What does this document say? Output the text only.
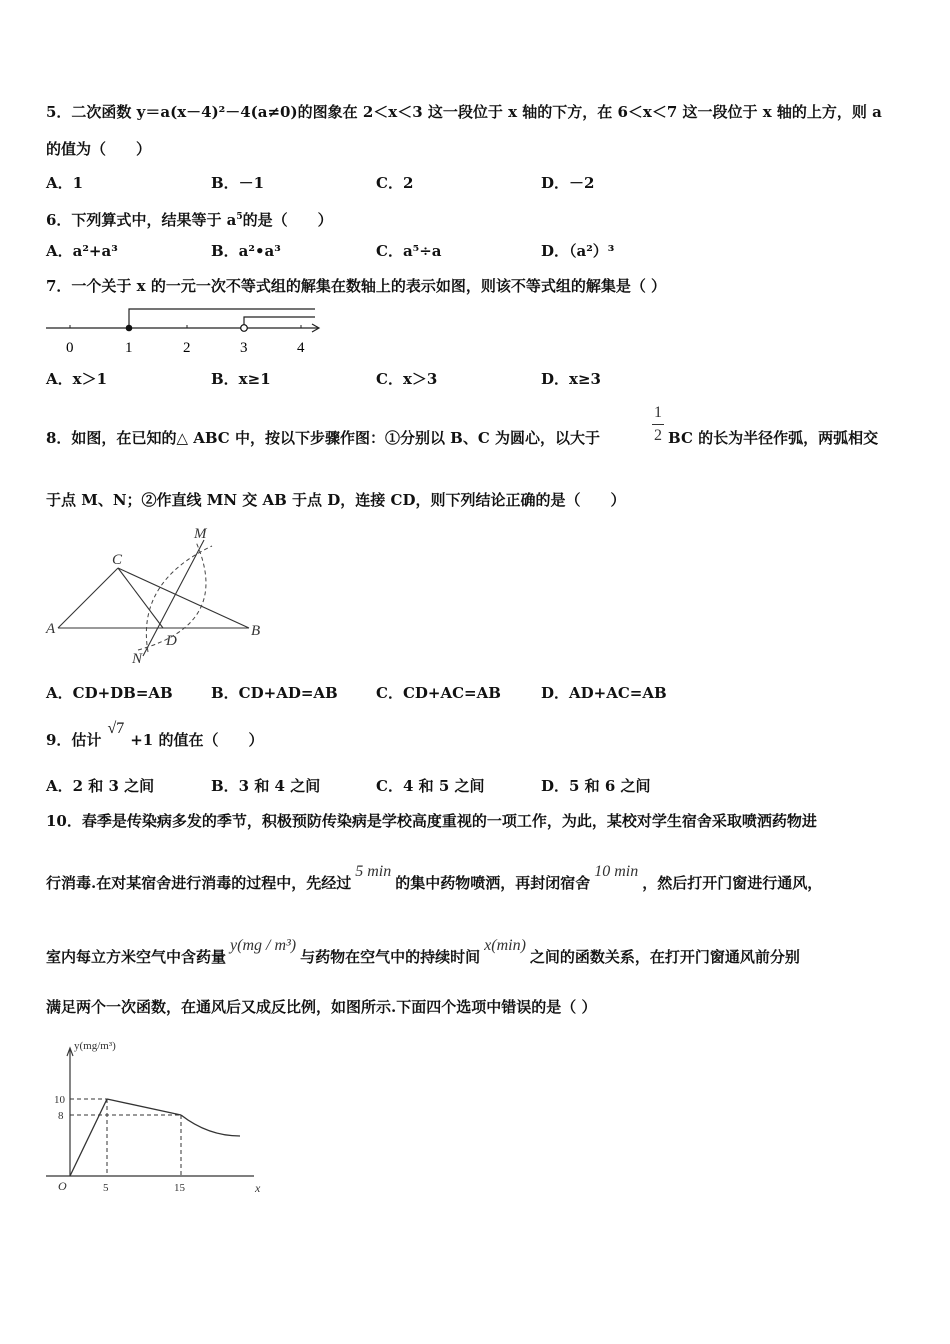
5．二次函数 y＝a(x－4)²－4(a≠0)的图象在 2＜x＜3 这一段位于 x 轴的下方，在 6＜x＜7 这一段位于 x 轴的上方，则 a
的值为（　　）
A．1	B．－1	C．2	D．－2
6．下列算式中，结果等于 $a^5$的是（　　）
A．a²+a³	B．a²•a³	C．a⁵÷a	D．（a²）³
7．一个关于 x 的一元一次不等式组的解集在数轴上的表示如图，则该不等式组的解集是（ ）
0	1	2	3	4
A．x＞1	B．x≥1	C．x＞3	D．x≥3
8．如图，在已知的△ ABC 中，按以下步骤作图：①分别以 B、C 为圆心，以大于
1
2 BC 的长为半径作弧，两弧相交
于点 M、N；②作直线 MN 交 AB 于点 D，连接 CD，则下列结论正确的是（　　）
C
A	B
D
M
N
A．CD+DB=AB	B．CD+AD=AB	C．CD+AC=AB	D．AD+AC=AB
9．估计√7+1 的值在（　　）
A．2 和 3 之间	B．3 和 4 之间	C．4 和 5 之间	D．5 和 6 之间
10．春季是传染病多发的季节，积极预防传染病是学校高度重视的一项工作，为此，某校对学生宿舍采取喷洒药物进
行消毒.在对某宿舍进行消毒的过程中，先经过5 min的集中药物喷洒，再封闭宿舍10 min，然后打开门窗进行通风，
室内每立方米空气中含药量y(mg / m³)与药物在空气中的持续时间x(min)之间的函数关系，在打开门窗通风前分别
满足两个一次函数，在通风后又成反比例，如图所示.下面四个选项中错误的是（ ）
y(mg/m³)
x
O
10
8
5	15
